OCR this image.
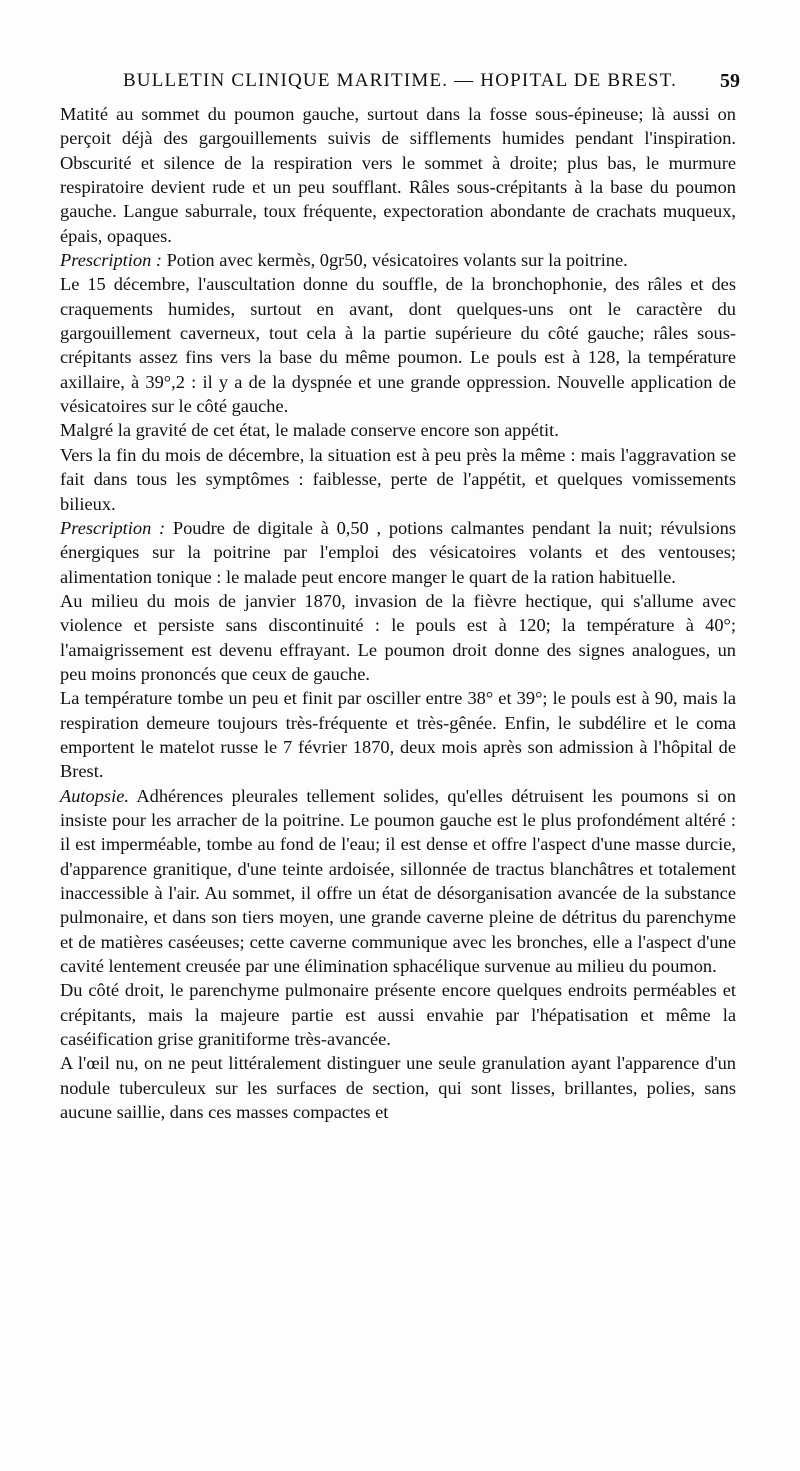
BULLETIN CLINIQUE MARITIME. — HOPITAL DE BREST.	59

Matité au sommet du poumon gauche, surtout dans la fosse sous-épineuse; là aussi on perçoit déjà des gargouillements suivis de sifflements humides pendant l'inspiration. Obscurité et silence de la respiration vers le sommet à droite; plus bas, le murmure respiratoire devient rude et un peu soufflant. Râles sous-crépitants à la base du poumon gauche. Langue saburrale, toux fréquente, expectoration abondante de crachats muqueux, épais, opaques.

Prescription : Potion avec kermès, 0gr50, vésicatoires volants sur la poitrine.

Le 15 décembre, l'auscultation donne du souffle, de la bronchophonie, des râles et des craquements humides, surtout en avant, dont quelques-uns ont le caractère du gargouillement caverneux, tout cela à la partie supérieure du côté gauche; râles sous-crépitants assez fins vers la base du même poumon. Le pouls est à 128, la température axillaire, à 39°,2 : il y a de la dyspnée et une grande oppression. Nouvelle application de vésicatoires sur le côté gauche.

Malgré la gravité de cet état, le malade conserve encore son appétit.

Vers la fin du mois de décembre, la situation est à peu près la même : mais l'aggravation se fait dans tous les symptômes : faiblesse, perte de l'appétit, et quelques vomissements bilieux.

Prescription : Poudre de digitale à 0,50 , potions calmantes pendant la nuit; révulsions énergiques sur la poitrine par l'emploi des vésicatoires volants et des ventouses; alimentation tonique : le malade peut encore manger le quart de la ration habituelle.

Au milieu du mois de janvier 1870, invasion de la fièvre hectique, qui s'allume avec violence et persiste sans discontinuité : le pouls est à 120; la température à 40°; l'amaigrissement est devenu effrayant. Le poumon droit donne des signes analogues, un peu moins prononcés que ceux de gauche.

La température tombe un peu et finit par osciller entre 38° et 39°; le pouls est à 90, mais la respiration demeure toujours très-fréquente et très-gênée. Enfin, le subdélire et le coma emportent le matelot russe le 7 février 1870, deux mois après son admission à l'hôpital de Brest.

Autopsie. Adhérences pleurales tellement solides, qu'elles détruisent les poumons si on insiste pour les arracher de la poitrine. Le poumon gauche est le plus profondément altéré : il est imperméable, tombe au fond de l'eau; il est dense et offre l'aspect d'une masse durcie, d'apparence granitique, d'une teinte ardoisée, sillonnée de tractus blanchâtres et totalement inaccessible à l'air. Au sommet, il offre un état de désorganisation avancée de la substance pulmonaire, et dans son tiers moyen, une grande caverne pleine de détritus du parenchyme et de matières caséeuses; cette caverne communique avec les bronches, elle a l'aspect d'une cavité lentement creusée par une élimination sphacélique survenue au milieu du poumon.

Du côté droit, le parenchyme pulmonaire présente encore quelques endroits perméables et crépitants, mais la majeure partie est aussi envahie par l'hépatisation et même la caséification grise granitiforme très-avancée.

A l'œil nu, on ne peut littéralement distinguer une seule granulation ayant l'apparence d'un nodule tuberculeux sur les surfaces de section, qui sont lisses, brillantes, polies, sans aucune saillie, dans ces masses compactes et
